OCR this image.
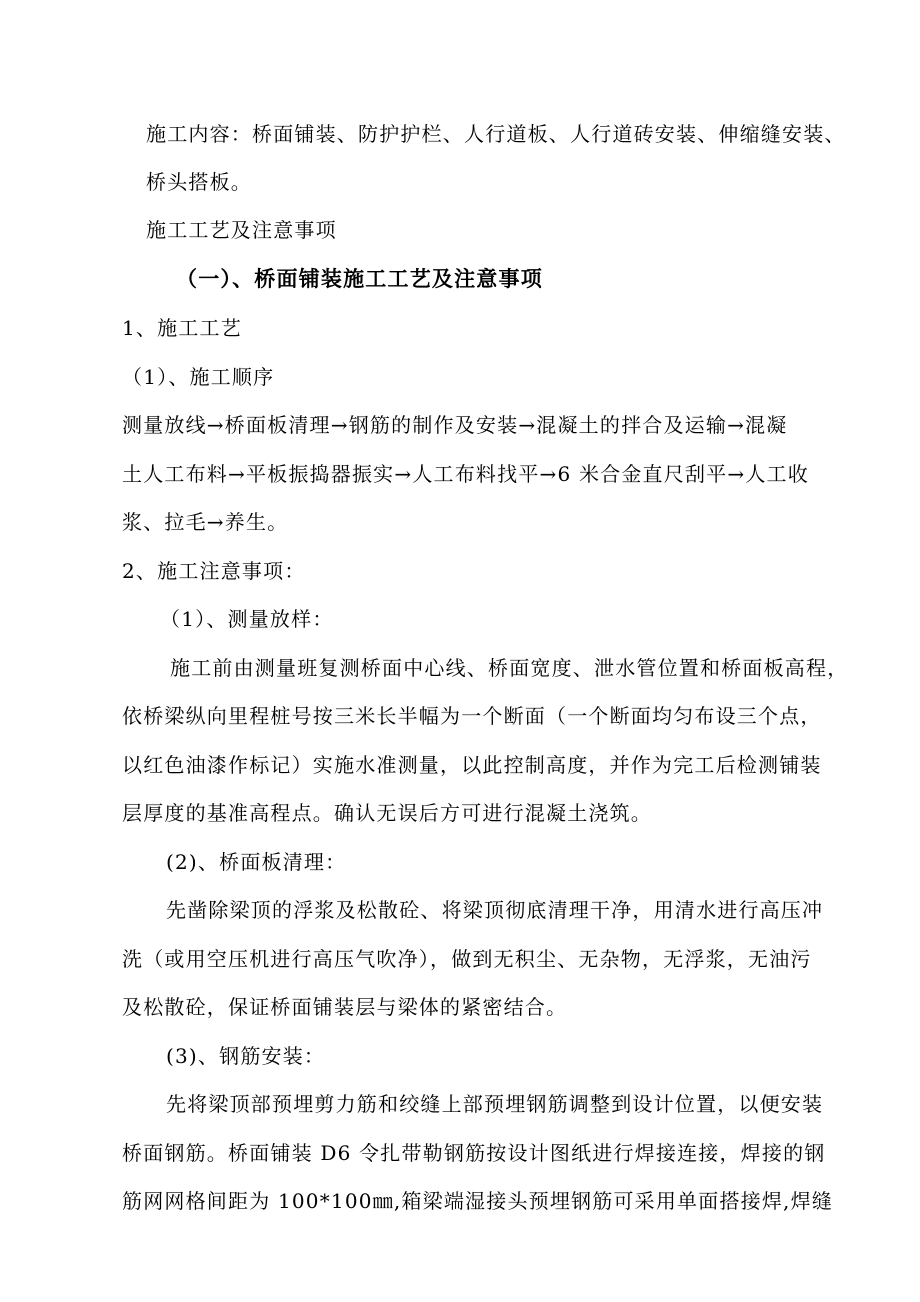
施工内容：桥面铺装、防护护栏、人行道板、人行道砖安装、伸缩缝安装、
桥头搭板。
施工工艺及注意事项
（一）、桥面铺装施工工艺及注意事项
1、施工工艺
（1）、施工顺序
测量放线→桥面板清理→钢筋的制作及安装→混凝土的拌合及运输→混凝
土人工布料→平板振捣器振实→人工布料找平→6 米合金直尺刮平→人工收
浆、拉毛→养生。
2、施工注意事项：
（1）、测量放样：
施工前由测量班复测桥面中心线、桥面宽度、泄水管位置和桥面板高程，
依桥梁纵向里程桩号按三米长半幅为一个断面（一个断面均匀布设三个点，
以红色油漆作标记）实施水准测量，以此控制高度，并作为完工后检测铺装
层厚度的基准高程点。确认无误后方可进行混凝土浇筑。
(2)、桥面板清理：
先凿除梁顶的浮浆及松散砼、将梁顶彻底清理干净，用清水进行高压冲
洗（或用空压机进行高压气吹净），做到无积尘、无杂物，无浮浆，无油污
及松散砼，保证桥面铺装层与梁体的紧密结合。
(3)、钢筋安装：
先将梁顶部预埋剪力筋和绞缝上部预埋钢筋调整到设计位置，以便安装
桥面钢筋。桥面铺装 D6 令扎带勒钢筋按设计图纸进行焊接连接，焊接的钢
筋网网格间距为 100*100㎜,箱梁端湿接头预埋钢筋可采用单面搭接焊,焊缝
